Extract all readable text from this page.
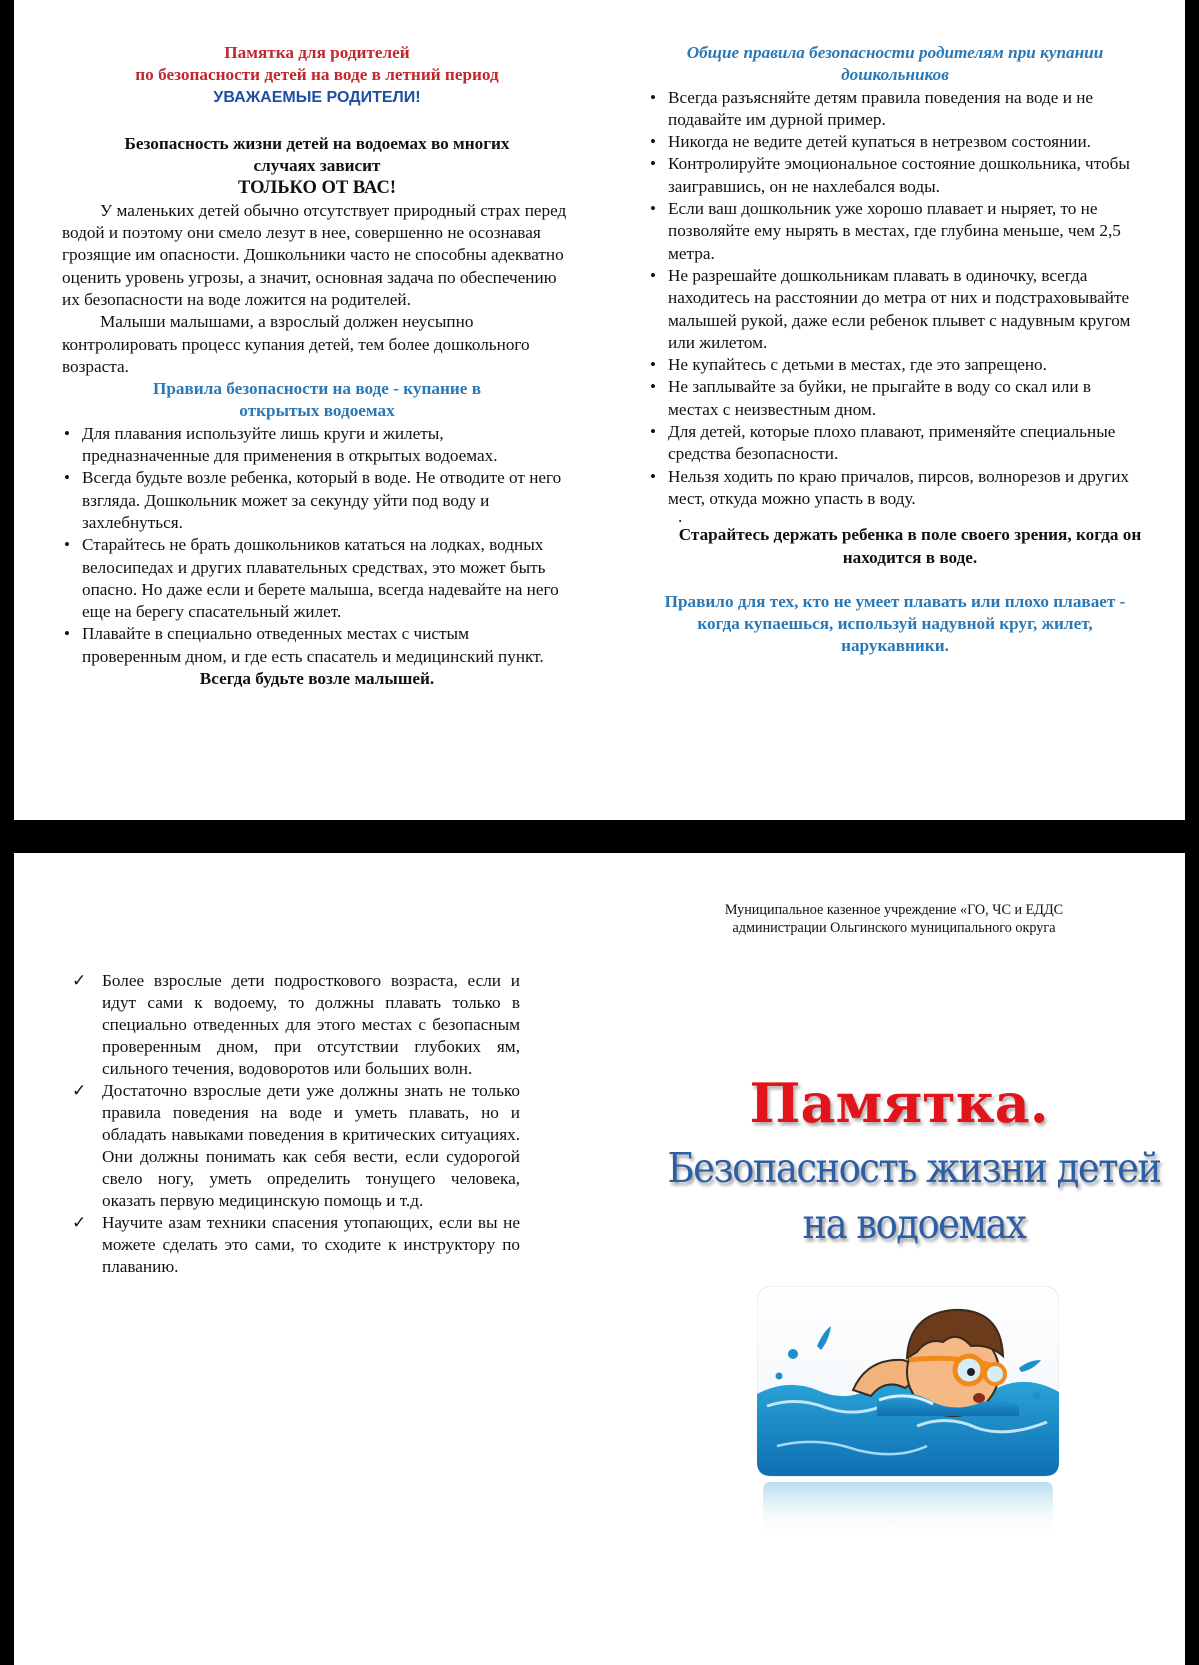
Памятка для родителей

по безопасности детей на воде в летний период

УВАЖАЕМЫЕ РОДИТЕЛИ!

Безопасность жизни детей на водоемах во многих случаях зависит

ТОЛЬКО ОТ ВАС!

У маленьких детей обычно отсутствует природный страх перед водой и поэтому они смело лезут в нее, совершенно не осознавая грозящие им опасности. Дошкольники часто не способны адекватно оценить уровень угрозы, а значит, основная задача по обеспечению их безопасности на воде ложится на родителей.

Малыши малышами, а взрослый должен неусыпно контролировать процесс купания детей, тем более дошкольного возраста.

Правила безопасности на воде - купание в открытых водоемах

• Для плавания используйте лишь круги и жилеты, предназначенные для применения в открытых водоемах.
• Всегда будьте возле ребенка, который в воде. Не отводите от него взгляда. Дошкольник может за секунду уйти под воду и захлебнуться.
• Старайтесь не брать дошкольников кататься на лодках, водных велосипедах и других плавательных средствах, это может быть опасно. Но даже если и берете малыша, всегда надевайте на него еще на берегу спасательный жилет.
• Плавайте в специально отведенных местах с чистым проверенным дном, и где есть спасатель и медицинский пункт.

Всегда будьте возле малышей.

Общие правила безопасности родителям при купании дошкольников

• Всегда разъясняйте детям правила поведения на воде и не подавайте им дурной пример.
• Никогда не ведите детей купаться в нетрезвом состоянии.
• Контролируйте эмоциональное состояние дошкольника, чтобы заигравшись, он не нахлебался воды.
• Если ваш дошкольник уже хорошо плавает и ныряет, то не позволяйте ему нырять в местах, где глубина меньше, чем 2,5 метра.
• Не разрешайте дошкольникам плавать в одиночку, всегда находитесь на расстоянии до метра от них и подстраховывайте малышей рукой, даже если ребенок плывет с надувным кругом или жилетом.
• Не купайтесь с детьми в местах, где это запрещено.
• Не заплывайте за буйки, не прыгайте в воду со скал или в местах с неизвестным дном.
• Для детей, которые плохо плавают, применяйте специальные средства безопасности.
• Нельзя ходить по краю причалов, пирсов, волнорезов и других мест, откуда можно упасть в воду.

.

Старайтесь держать ребенка в поле своего зрения, когда он находится в воде.

Правило для тех, кто не умеет плавать или плохо плавает - когда купаешься, используй надувной круг, жилет, нарукавники.

✓ Более взрослые дети подросткового возраста, если и идут сами к водоему, то должны плавать только в специально отведенных для этого местах с безопасным проверенным дном, при отсутствии глубоких ям, сильного течения, водоворотов или больших волн.
✓ Достаточно взрослые дети уже должны знать не только правила поведения на воде и уметь плавать, но и обладать навыками поведения в критических ситуациях. Они должны понимать как себя вести, если судорогой свело ногу, уметь определить тонущего человека, оказать первую медицинскую помощь и т.д.
✓ Научите азам техники спасения утопающих, если вы не можете сделать это сами, то сходите к инструктору по плаванию.

Муниципальное казенное учреждение «ГО, ЧС и ЕДДС

администрации Ольгинского муниципального округа

Памятка.
Безопасность жизни детей
на водоемах
